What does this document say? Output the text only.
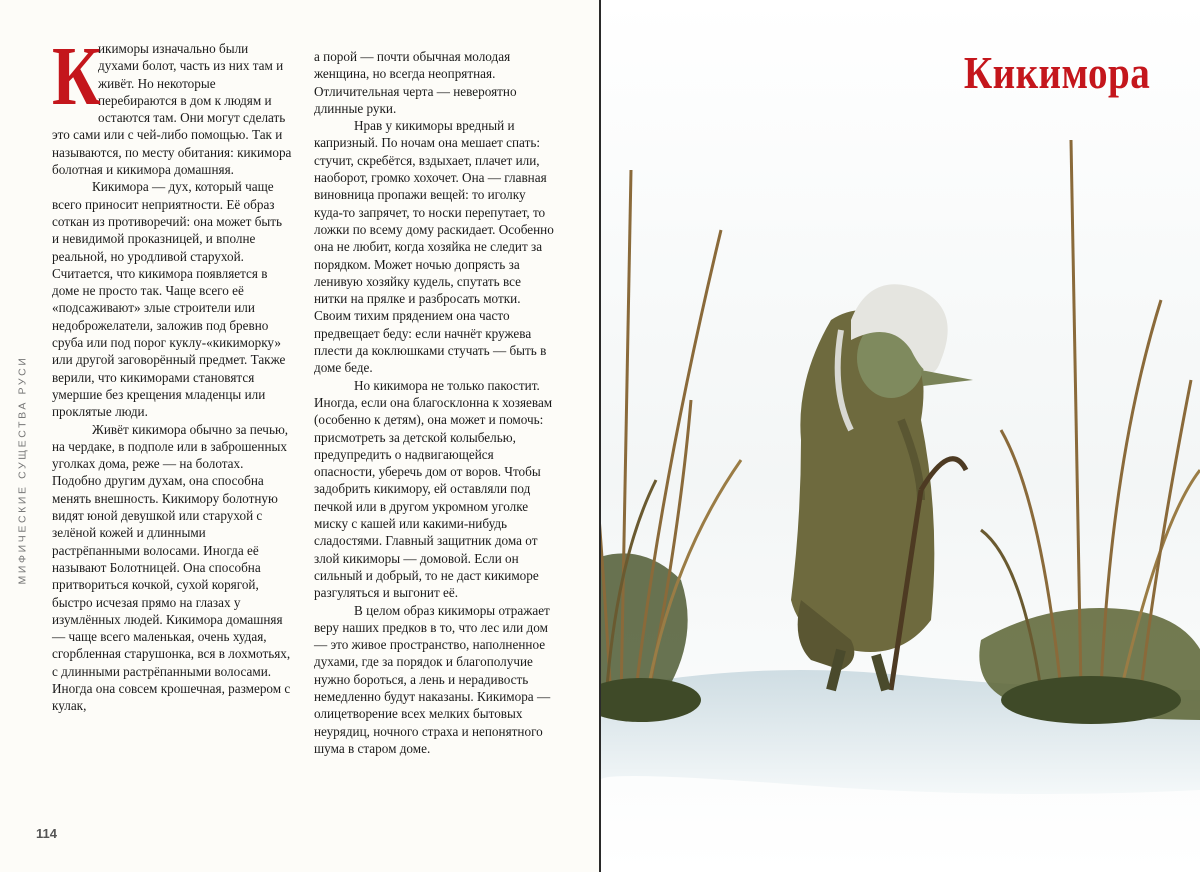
МИФИЧЕСКИЕ СУЩЕСТВА РУСИ

К
икиморы изначально были духами болот, часть из них там и живёт. Но некоторые перебираются в дом к людям и остаются там. Они могут сделать это сами или с чей-либо помощью. Так и называются, по месту обитания: кикимора болотная и кикимора домашняя.

Кикимора — дух, который чаще всего приносит неприятности. Её образ соткан из противоречий: она может быть и невидимой проказницей, и вполне реальной, но уродливой старухой. Считается, что кикимора появляется в доме не просто так. Чаще всего её «подсаживают» злые строители или недоброжелатели, заложив под бревно сруба или под порог куклу-«кикиморку» или другой заговорённый предмет. Также верили, что кикиморами становятся умершие без крещения младенцы или проклятые люди.

Живёт кикимора обычно за печью, на чердаке, в подполе или в заброшенных уголках дома, реже — на болотах. Подобно другим духам, она способна менять внешность. Кикимору болотную видят юной девушкой или старухой с зелёной кожей и длинными растрёпанными волосами. Иногда её называют Болотницей. Она способна притвориться кочкой, сухой корягой, быстро исчезая прямо на глазах у изумлённых людей. Кикимора домашняя — чаще всего маленькая, очень худая, сгорбленная старушонка, вся в лохмотьях, с длинными растрёпанными волосами. Иногда она совсем крошечная, размером с кулак,

а порой — почти обычная молодая женщина, но всегда неопрятная. Отличительная черта — невероятно длинные руки.

Нрав у кикиморы вредный и капризный. По ночам она мешает спать: стучит, скребётся, вздыхает, плачет или, наоборот, громко хохочет. Она — главная виновница пропажи вещей: то иголку куда-то запрячет, то носки перепутает, то ложки по всему дому раскидает. Особенно она не любит, когда хозяйка не следит за порядком. Может ночью допрясть за ленивую хозяйку кудель, спутать все нитки на прялке и разбросать мотки. Своим тихим прядением она часто предвещает беду: если начнёт кружева плести да коклюшками стучать — быть в доме беде.

Но кикимора не только пакостит. Иногда, если она благосклонна к хозяевам (особенно к детям), она может и помочь: присмотреть за детской колыбелью, предупредить о надвигающейся опасности, уберечь дом от воров. Чтобы задобрить кикимору, ей оставляли под печкой или в другом укромном уголке миску с кашей или какими-нибудь сладостями. Главный защитник дома от злой кикиморы — домовой. Если он сильный и добрый, то не даст кикиморе разгуляться и выгонит её.

В целом образ кикиморы отражает веру наших предков в то, что лес или дом — это живое пространство, наполненное духами, где за порядок и благополучие нужно бороться, а лень и нерадивость немедленно будут наказаны. Кикимора — олицетворение всех мелких бытовых неурядиц, ночного страха и непонятного шума в старом доме.

114
Кикимора
